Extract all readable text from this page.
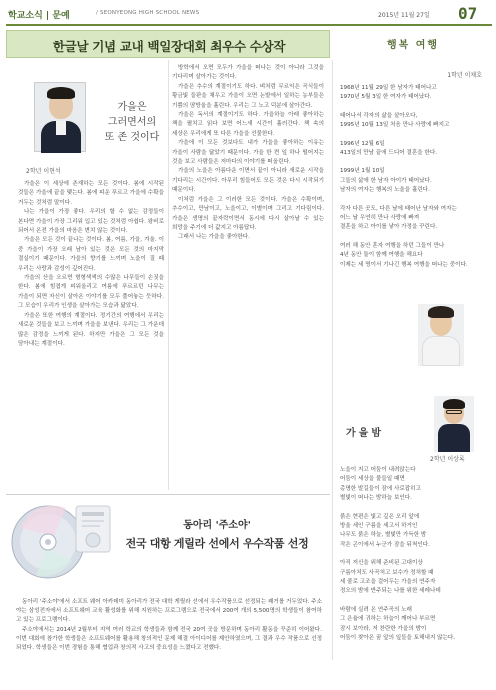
학교소식 | 문예	/ SEONYEONG HIGH SCHOOL NEWS	2015년 11월 27일 07
한글날 기념 교내 백일장대회 최우수 수상작
가을은
그러면서의
또 존 것이다
2학년 이현석

가을은 이 세상에 존재하는 모든 것이다. 봄에 시작된 것들은 가을에 끝을 맺는다. 봄에 피운 푸르고 가을에 수확을 거두는 것처럼 말이다.

나는 가을이 가장 좋다. 우리의 할 수 없는 감정들이 본다면 가을이 가장 그리워 입고 있는 것처럼 아쉽다. 왕비로 되어서 온전 가을의 마음은 변치 않는 것이다.

가을은 모든 것이 끝나는 것이다. 봄, 여름, 가을, 겨울. 이 중 가을이 가장 오래 남아 있는 것은 모든 것의 마지막 결실이기 때문이다. 가을의 향기를 느끼며 노을이 질 때 우리는 사랑과 감성이 깊어진다.

가을의 산을 오르면 형형색색의 수많은 나무들이 손짓을 한다. 봄에 힘겹게 피워올리고 여름에 푸르르던 나무는 가을이 되면 자신이 살아온 이야기를 모두 풀어놓는 듯하다. 그 모습이 우리가 인생을 살아가는 모습과 닮았다.

가을은 또한 여행의 계절이다. 정기간의 여행에서 우리는 새로운 것들을 보고 느끼며 가을을 보낸다. 우리는 그 가운데 많은 감정을 느끼게 된다. 하지만 가을은 그 모든 것을 담아내는 계절이다.

방학에서 오면 모두가 가을을 떠나는 것이 아니라 그것을 기다리며 살아가는 것이다.

가을은 추수의 계절이기도 하다. 벼처럼 무르익은 곡식들이 황금빛 들판을 채우고 가을이 오면 논밭에서 일하는 농부들은 기쁨의 땀방울을 흘린다. 우리는 그 노고 덕분에 살아간다.

가을은 독서의 계절이기도 하다. 가을하늘 아래 좋아하는 책을 펼치고 읽다 보면 어느새 시간이 흘러간다. 책 속의 세상은 우리에게 또 다른 가을을 선물한다.

가을에 이 모든 것보다도 내가 가을을 좋아하는 이유는 가을이 사람을 닮았기 때문이다. 가을 한 켠 잎 하나 떨어지는 것을 보고 사람들은 저마다의 이야기를 떠올린다.

가을의 노을은 아름다운 이면서 끝이 아니라 새로운 시작을 기다리는 시간이다. 아무리 힘들어도 모든 것은 다시 시작되기 때문이다.

이처럼 가을은 그 이러한 모든 것이다. 가을은 수확이며, 추수이고, 만남이고, 노을이고, 이별이며 그리고 기다림이다. 가을은 생명의 끝자락이면서 동시에 다시 살아날 수 있는 희망을 주기에 더 값지고 아름답다.

그래서 나는 가을을 좋아한다.

행복 여행
1학년 이채호

1968년 11월 29일 한 남자가 태어나고
1970년 5월 3일 한 여자가 태어났다.

태어나서 각자의 삶을 살아오다,
1995년 10월 13일 처음 만나 사랑에 빠지고

1996년 12월 6일
413일의 만남 끝에 드디어 결혼을 한다.

1999년 1월 10일
그들의 삶에 한 남자 아이가 태어났다.
남자의 여자는 행복의 노울을 흘린다.

각자 다른 곳도, 다른 날에 태어난 남자와 여자는
어느 날 우연히 만나 사랑에 빠져
결혼을 하고 아이를 낳아 가정을 꾸린다.

여러 해 동안 혼자 여행을 하던 그들이 만나
4년 동안 둘이 함께 여행을 해요다
이제는 세 명이서 기나긴 행복 여행을 떠나는 중이다.

가을밤
2학년 이상록

노을이 지고 어둠이 내려앉는다
어둠이 세상을 물들일 때면
총명한 발길들이 잠에 사로잡히고
별빛이 떠나는 밤하늘 보인다.

붉은 현편은 빛고 깊은 오리 앞에
방울 세인 구름을 세고서 하거인
나무도 붉은 하늘, 별빛만 가득한 밤
작은 곤이에서 누군가 잠을 뒤척인다.

아직 저신을 위해 준비된 고대이상
구름아처도 사곡처고 보수가 정처할 때
세 줄로 고조을 걸어두는 가을의 연주자
정오의 밤에 반주되는 나를 위한 세레나데

바람에 실려 온 연주곡의 노래
그 은율에 귀하는 하늘이 깨어나 부르면
잠시 보아라, 저 찬란한 가을의 밤이
어둠이 찾아온 꿈 앞의 잎들을 토해내지 않는다.

동아리 '주소야'
전국 대항 게릴라 선에서 우수작품 선정

동아리 '주소야'에서 소프트 웨어 아카데미 동아리가 전국 대학 게릴라 선에서 우수작품으로 선정되는 쾌거를 거두었다. 주소야는 삼성전자에서 소프트웨어 교육 활성화를 위해 지원하는 프로그램으로 전국에서 200여 개의 5,500명의 학생들이 참여하고 있는 프로그램이다.

주소야에서는 2014년 2월부터 지역 여러 학교의 학생들과 함께 전국 20여 곳을 방문하며 동아리 활동을 꾸준히 이어왔다. 이번 대회에 참가한 학생들은 소프트웨어를 활용해 창의적인 문제 해결 아이디어를 제안하였으며, 그 결과 우수 작품으로 선정되었다. 학생들은 이번 경험을 통해 협업과 창의적 사고의 중요성을 느꼈다고 전했다.
